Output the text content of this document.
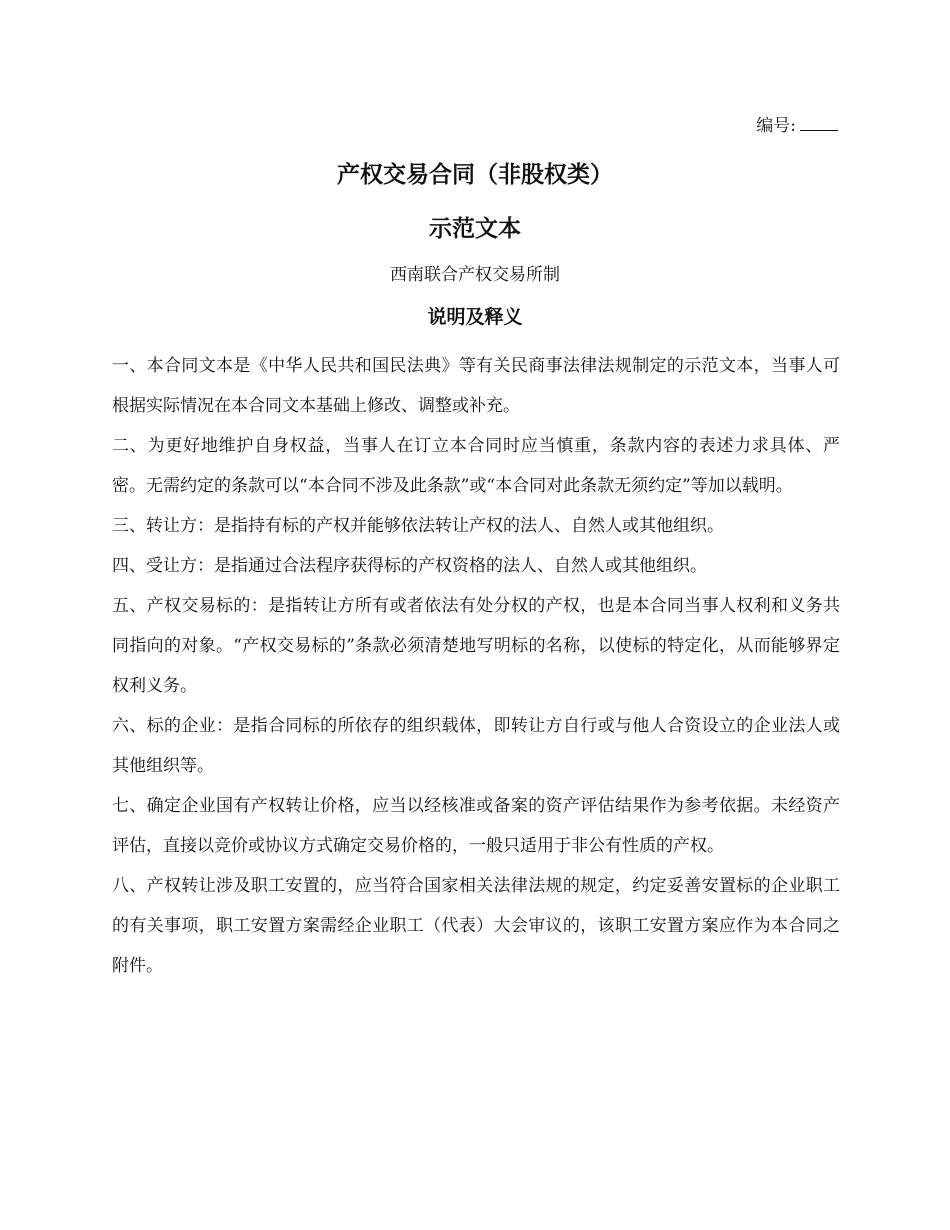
编号:
产权交易合同（非股权类）
示范文本
西南联合产权交易所制
说明及释义

一、本合同文本是《中华人民共和国民法典》等有关民商事法律法规制定的示范文本，当事人可根据实际情况在本合同文本基础上修改、调整或补充。

二、为更好地维护自身权益，当事人在订立本合同时应当慎重，条款内容的表述力求具体、严密。无需约定的条款可以“本合同不涉及此条款”或“本合同对此条款无须约定”等加以载明。

三、转让方：是指持有标的产权并能够依法转让产权的法人、自然人或其他组织。

四、受让方：是指通过合法程序获得标的产权资格的法人、自然人或其他组织。

五、产权交易标的：是指转让方所有或者依法有处分权的产权，也是本合同当事人权利和义务共同指向的对象。“产权交易标的”条款必须清楚地写明标的名称，以使标的特定化，从而能够界定权利义务。

六、标的企业：是指合同标的所依存的组织载体，即转让方自行或与他人合资设立的企业法人或其他组织等。

七、确定企业国有产权转让价格，应当以经核准或备案的资产评估结果作为参考依据。未经资产评估，直接以竞价或协议方式确定交易价格的，一般只适用于非公有性质的产权。

八、产权转让涉及职工安置的，应当符合国家相关法律法规的规定，约定妥善安置标的企业职工的有关事项，职工安置方案需经企业职工（代表）大会审议的，该职工安置方案应作为本合同之附件。
